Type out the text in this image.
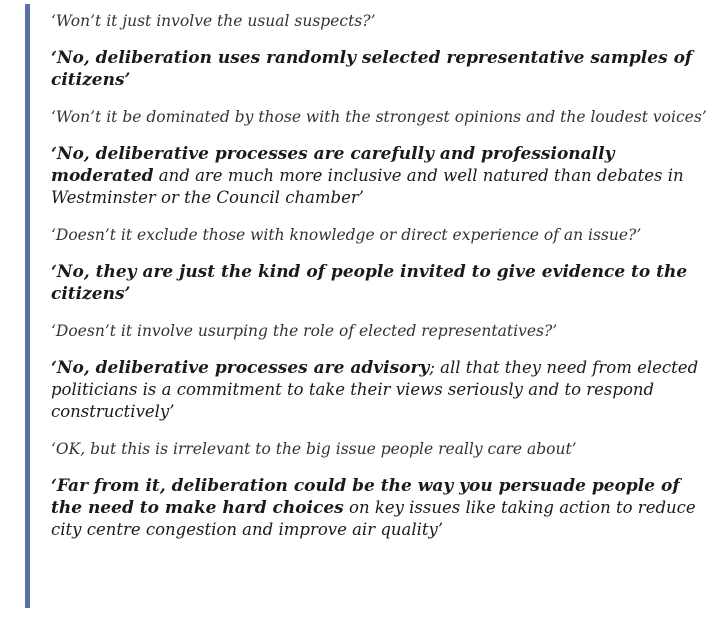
‘Won’t it just involve the usual suspects?’

‘No, deliberation uses randomly selected representative samples of citizens’

‘Won’t it be dominated by those with the strongest opinions and the loudest voices’

‘No, deliberative processes are carefully and professionally moderated and are much more inclusive and well natured than debates in Westminster or the Council chamber’

‘Doesn’t it exclude those with knowledge or direct experience of an issue?’

‘No, they are just the kind of people invited to give evidence to the citizens’

‘Doesn’t it involve usurping the role of elected representatives?’

‘No, deliberative processes are advisory; all that they need from elected politicians is a commitment to take their views seriously and to respond constructively’

‘OK, but this is irrelevant to the big issue people really care about’

‘Far from it, deliberation could be the way you persuade people of the need to make hard choices on key issues like taking action to reduce city centre congestion and improve air quality’
